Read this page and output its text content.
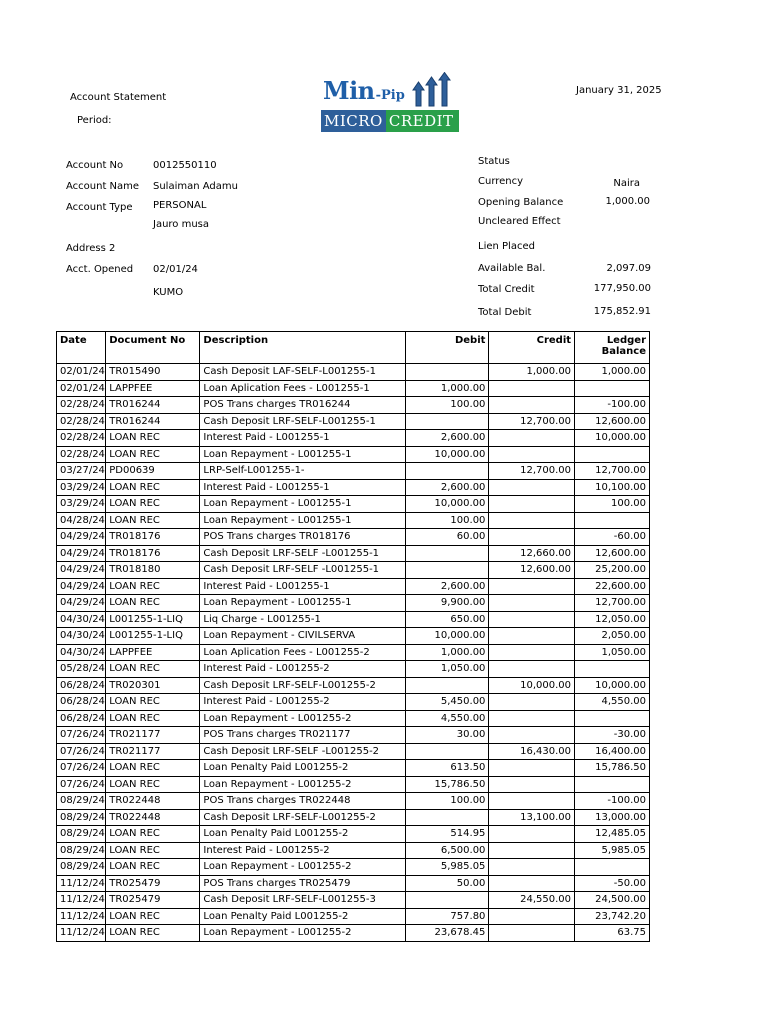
Account Statement
Period:
Min-Pip
MICRO CREDIT
January 31, 2025
Account No	0012550110
Account Name Sulaiman Adamu
Account Type PERSONAL
Jauro musa
Address 2
Acct. Opened 02/01/24
KUMO
Status
Currency	Naira
Opening Balance	1,000.00
Uncleared Effect
Lien Placed
Available Bal.	2,097.09
Total Credit	177,950.00
Total Debit	175,852.91
Date	Document No	Description	Debit	Credit	Ledger Balance
02/01/24	TR015490	Cash Deposit LAF-SELF-L001255-1		1,000.00	1,000.00
02/01/24	LAPPFEE	Loan Aplication Fees - L001255-1	1,000.00		
02/28/24	TR016244	POS Trans charges TR016244	100.00		-100.00
02/28/24	TR016244	Cash Deposit LRF-SELF-L001255-1		12,700.00	12,600.00
02/28/24	LOAN REC	Interest Paid - L001255-1	2,600.00		10,000.00
02/28/24	LOAN REC	Loan Repayment - L001255-1	10,000.00		
03/27/24	PD00639	LRP-Self-L001255-1-		12,700.00	12,700.00
03/29/24	LOAN REC	Interest Paid - L001255-1	2,600.00		10,100.00
03/29/24	LOAN REC	Loan Repayment - L001255-1	10,000.00		100.00
04/28/24	LOAN REC	Loan Repayment - L001255-1	100.00		
04/29/24	TR018176	POS Trans charges TR018176	60.00		-60.00
04/29/24	TR018176	Cash Deposit LRF-SELF -L001255-1		12,660.00	12,600.00
04/29/24	TR018180	Cash Deposit LRF-SELF -L001255-1		12,600.00	25,200.00
04/29/24	LOAN REC	Interest Paid - L001255-1	2,600.00		22,600.00
04/29/24	LOAN REC	Loan Repayment - L001255-1	9,900.00		12,700.00
04/30/24	L001255-1-LIQ	Liq Charge - L001255-1	650.00		12,050.00
04/30/24	L001255-1-LIQ	Loan Repayment - CIVILSERVA	10,000.00		2,050.00
04/30/24	LAPPFEE	Loan Aplication Fees - L001255-2	1,000.00		1,050.00
05/28/24	LOAN REC	Interest Paid - L001255-2	1,050.00		
06/28/24	TR020301	Cash Deposit LRF-SELF-L001255-2		10,000.00	10,000.00
06/28/24	LOAN REC	Interest Paid - L001255-2	5,450.00		4,550.00
06/28/24	LOAN REC	Loan Repayment - L001255-2	4,550.00		
07/26/24	TR021177	POS Trans charges TR021177	30.00		-30.00
07/26/24	TR021177	Cash Deposit LRF-SELF -L001255-2		16,430.00	16,400.00
07/26/24	LOAN REC	Loan Penalty Paid L001255-2	613.50		15,786.50
07/26/24	LOAN REC	Loan Repayment - L001255-2	15,786.50		
08/29/24	TR022448	POS Trans charges TR022448	100.00		-100.00
08/29/24	TR022448	Cash Deposit LRF-SELF-L001255-2		13,100.00	13,000.00
08/29/24	LOAN REC	Loan Penalty Paid L001255-2	514.95		12,485.05
08/29/24	LOAN REC	Interest Paid - L001255-2	6,500.00		5,985.05
08/29/24	LOAN REC	Loan Repayment - L001255-2	5,985.05		
11/12/24	TR025479	POS Trans charges TR025479	50.00		-50.00
11/12/24	TR025479	Cash Deposit LRF-SELF-L001255-3		24,550.00	24,500.00
11/12/24	LOAN REC	Loan Penalty Paid L001255-2	757.80		23,742.20
11/12/24	LOAN REC	Loan Repayment - L001255-2	23,678.45		63.75
